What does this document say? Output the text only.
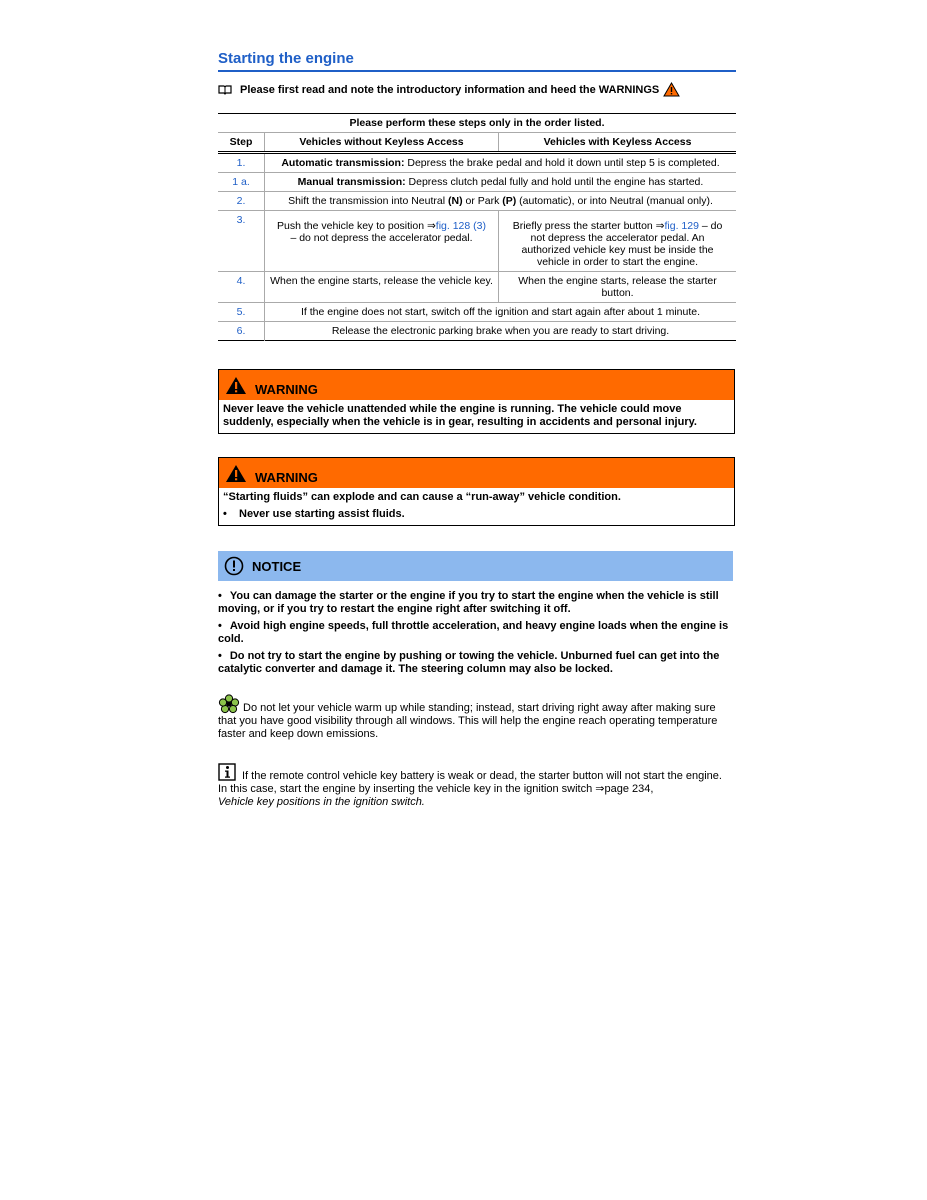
Starting the engine
Please first read and note the introductory information and heed the WARNINGS
Please perform these steps only in the order listed.		
Step	Vehicles without Keyless Access	Vehicles with Keyless Access
1.	Automatic transmission: Depress the brake pedal and hold it down until step 5 is completed.	
1 a.	Manual transmission: Depress clutch pedal fully and hold until the engine has started.	
2.	Shift the transmission into Neutral (N) or Park (P) (automatic), or into Neutral (manual only).	
3.	Push the vehicle key to position ⇒fig. 128 (3) – do not depress the accelerator pedal.	Briefly press the starter button ⇒fig. 129 – do not depress the accelerator pedal. An authorized vehicle key must be inside the vehicle in order to start the engine.
4.	When the engine starts, release the vehicle key.	When the engine starts, release the starter button.
5.	If the engine does not start, switch off the ignition and start again after about 1 minute.	
6.	Release the electronic parking brake when you are ready to start driving.	
WARNING
Never leave the vehicle unattended while the engine is running. The vehicle could move suddenly, especially when the vehicle is in gear, resulting in accidents and personal injury.
WARNING
“Starting fluids” can explode and can cause a “run-away” vehicle condition.
•	Never use starting assist fluids.
NOTICE
• You can damage the starter or the engine if you try to start the engine when the vehicle is still moving, or if you try to restart the engine right after switching it off.
• Avoid high engine speeds, full throttle acceleration, and heavy engine loads when the engine is cold.
• Do not try to start the engine by pushing or towing the vehicle. Unburned fuel can get into the catalytic converter and damage it. The steering column may also be locked.
Do not let your vehicle warm up while standing; instead, start driving right away after making sure that you have good visibility through all windows. This will help the engine reach operating temperature faster and keep down emissions.
If the remote control vehicle key battery is weak or dead, the starter button will not start the engine. In this case, start the engine by inserting the vehicle key in the ignition switch ⇒page 234,
Vehicle key positions in the ignition switch.
